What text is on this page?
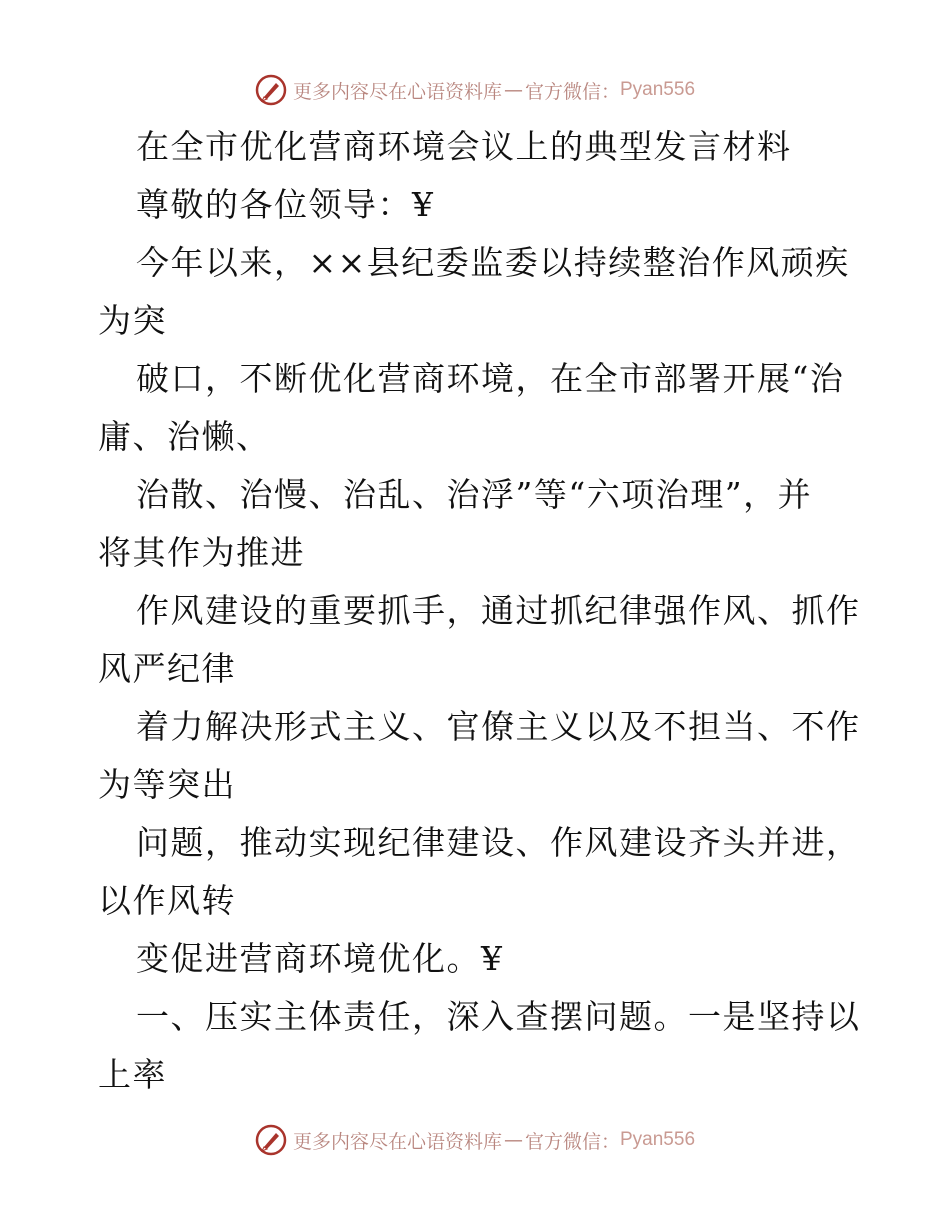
更多内容尽在心语资料库 — 官方微信： Pyan556
在全市优化营商环境会议上的典型发言材料
尊敬的各位领导：¥
今年以来，××县纪委监委以持续整治作风顽疾
为突
破口，不断优化营商环境，在全市部署开展“治
庸、治懒、
治散、治慢、治乱、治浮”等“六项治理”，并
将其作为推进
作风建设的重要抓手，通过抓纪律强作风、抓作
风严纪律
着力解决形式主义、官僚主义以及不担当、不作
为等突出
问题，推动实现纪律建设、作风建设齐头并进，
以作风转
变促进营商环境优化。¥
一、压实主体责任，深入查摆问题。一是坚持以
上率
更多内容尽在心语资料库 — 官方微信： Pyan556
